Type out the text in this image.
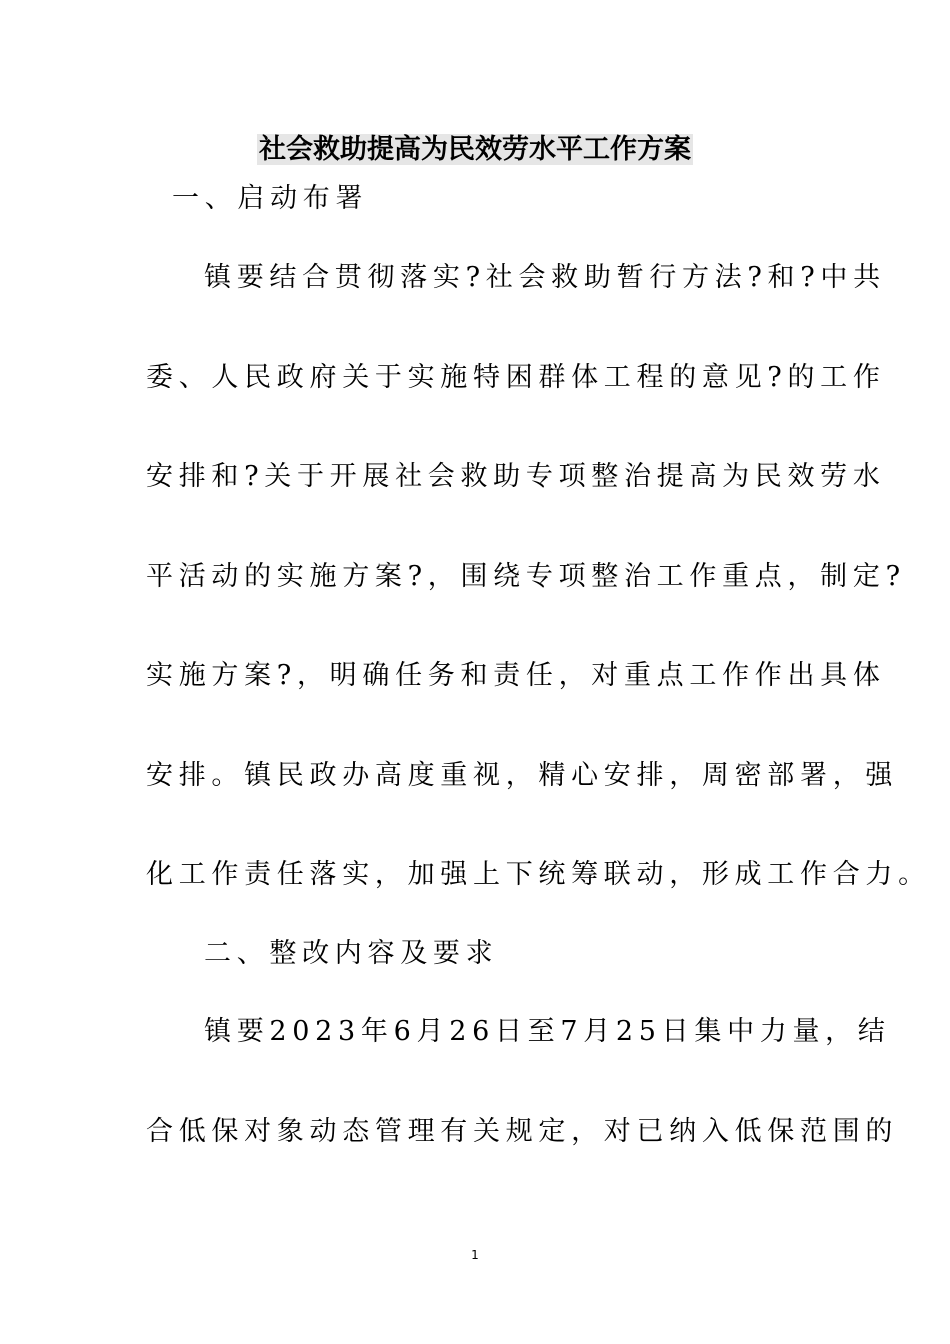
社会救助提高为民效劳水平工作方案

一、启动布署

镇要结合贯彻落实?社会救助暂行方法?和?中共

委、人民政府关于实施特困群体工程的意见?的工作

安排和?关于开展社会救助专项整治提高为民效劳水

平活动的实施方案?，围绕专项整治工作重点，制定?

实施方案?，明确任务和责任，对重点工作作出具体

安排。镇民政办高度重视，精心安排，周密部署，强

化工作责任落实，加强上下统筹联动，形成工作合力。

二、整改内容及要求

镇要2023年6月26日至7月25日集中力量，结

合低保对象动态管理有关规定，对已纳入低保范围的

1
